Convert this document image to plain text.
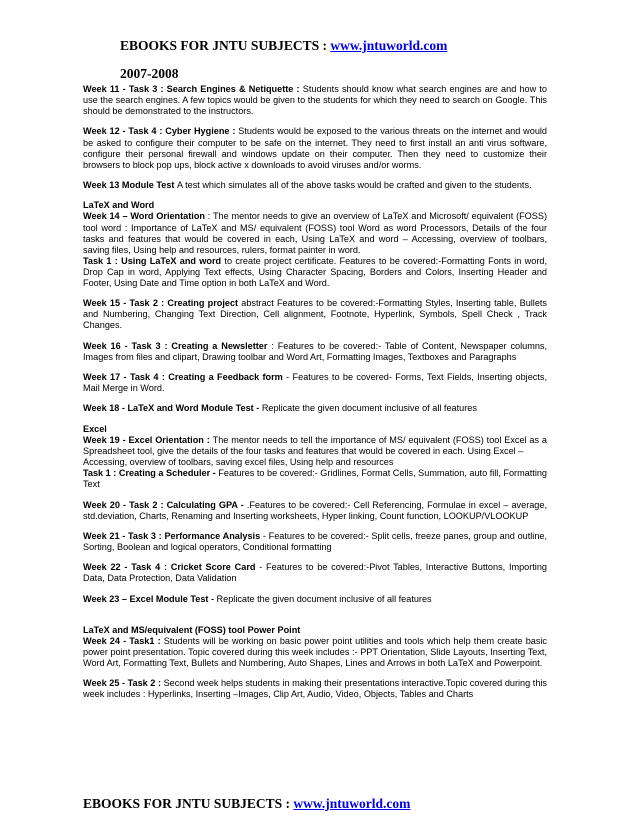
EBOOKS FOR JNTU SUBJECTS : www.jntuworld.com
2007-2008

Week 11 - Task 3 : Search Engines & Netiquette : Students should know what search engines are and how to use the search engines. A few topics would be given to the students for which they need to search on Google. This should be demonstrated to the instructors.

Week 12 - Task 4 : Cyber Hygiene : Students would be exposed to the various threats on the internet and would be asked to configure their computer to be safe on the internet. They need to first install an anti virus software, configure their personal firewall and windows update on their computer. Then they need to customize their browsers to block pop ups, block active x downloads to avoid viruses and/or worms.

Week 13 Module Test A test which simulates all of the above tasks would be crafted and given to the students.

LaTeX and Word

Week 14 – Word Orientation : The mentor needs to give an overview of LaTeX and Microsoft/ equivalent (FOSS) tool word : Importance of LaTeX and MS/ equivalent (FOSS) tool Word as word Processors, Details of the four tasks and features that would be covered in each, Using LaTeX and word – Accessing, overview of toolbars, saving files, Using help and resources, rulers, format painter in word.

Task 1 : Using LaTeX and word to create project certificate. Features to be covered:-Formatting Fonts in word, Drop Cap in word, Applying Text effects, Using Character Spacing, Borders and Colors, Inserting Header and Footer, Using Date and Time option in both LaTeX and Word.

Week 15 - Task 2 : Creating project abstract Features to be covered:-Formatting Styles, Inserting table, Bullets and Numbering, Changing Text Direction, Cell alignment, Footnote, Hyperlink, Symbols, Spell Check , Track Changes.

Week 16 - Task 3 : Creating a Newsletter : Features to be covered:- Table of Content, Newspaper columns, Images from files and clipart, Drawing toolbar and Word Art, Formatting Images, Textboxes and Paragraphs

Week 17 - Task 4 : Creating a Feedback form - Features to be covered- Forms, Text Fields, Inserting objects, Mail Merge in Word.

Week 18 - LaTeX and Word Module Test - Replicate the given document inclusive of all features

Excel

Week 19 - Excel Orientation : The mentor needs to tell the importance of MS/ equivalent (FOSS) tool Excel as a Spreadsheet tool, give the details of the four tasks and features that would be covered in each. Using Excel –

Accessing, overview of toolbars, saving excel files, Using help and resources

Task 1 : Creating a Scheduler - Features to be covered:- Gridlines, Format Cells, Summation, auto fill, Formatting Text

Week 20 - Task 2 : Calculating GPA - .Features to be covered:- Cell Referencing, Formulae in excel – average, std.deviation, Charts, Renaming and Inserting worksheets, Hyper linking, Count function, LOOKUP/VLOOKUP

Week 21 - Task 3 : Performance Analysis - Features to be covered:- Split cells, freeze panes, group and outline, Sorting, Boolean and logical operators, Conditional formatting

Week 22 - Task 4 : Cricket Score Card - Features to be covered:-Pivot Tables, Interactive Buttons, Importing Data, Data Protection, Data Validation

Week 23 – Excel Module Test - Replicate the given document inclusive of all features

LaTeX and MS/equivalent (FOSS) tool Power Point

Week 24 - Task1 : Students will be working on basic power point utilities and tools which help them create basic power point presentation. Topic covered during this week includes :- PPT Orientation, Slide Layouts, Inserting Text, Word Art, Formatting Text, Bullets and Numbering, Auto Shapes, Lines and Arrows in both LaTeX and Powerpoint.

Week 25 - Task 2 : Second week helps students in making their presentations interactive.Topic covered during this week includes : Hyperlinks, Inserting –Images, Clip Art, Audio, Video, Objects, Tables and Charts

EBOOKS FOR JNTU SUBJECTS : www.jntuworld.com
